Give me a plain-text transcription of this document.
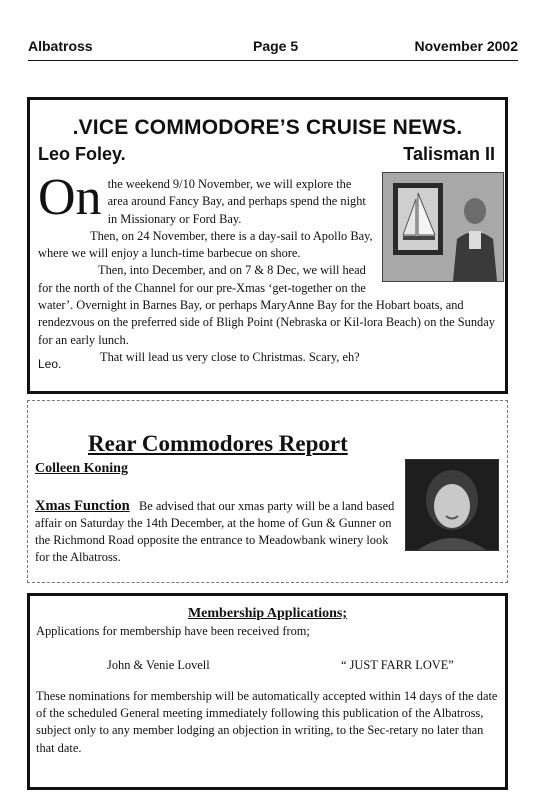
Albatross	Page 5	November 2002
.VICE COMMODORE’S CRUISE NEWS.
Leo Foley.	Talisman II
On the weekend 9/10 November, we will explore the area around Fancy Bay, and perhaps spend the night in Missionary or Ford Bay.

Then, on 24 November, there is a day-sail to Apollo Bay, where we will enjoy a lunch-time barbecue on shore.

Then, into December, and on 7 & 8 Dec, we will head for the north of the Channel for our pre-Xmas ‘get-together on the water’. Overnight in Barnes Bay, or perhaps MaryAnne Bay for the Hobart boats, and rendezvous on the preferred side of Bligh Point (Nebraska or Kil-lora Beach) on the Sunday for an early lunch.

That will lead us very close to Christmas. Scary, eh?

Leo.
Rear Commodores Report
Colleen Koning
Xmas Function Be advised that our xmas party will be a land based affair on Saturday the 14th December, at the home of Gun & Gunner on the Richmond Road opposite the entrance to Meadowbank winery look for the Albatross.
Membership Applications;
Applications for membership have been received from;
John & Venie Lovell	“ JUST FARR LOVE”
These nominations for membership will be automatically accepted within 14 days of the date of the scheduled General meeting immediately following this publication of the Albatross, subject only to any member lodging an objection in writing, to the Sec-retary no later than that date.
